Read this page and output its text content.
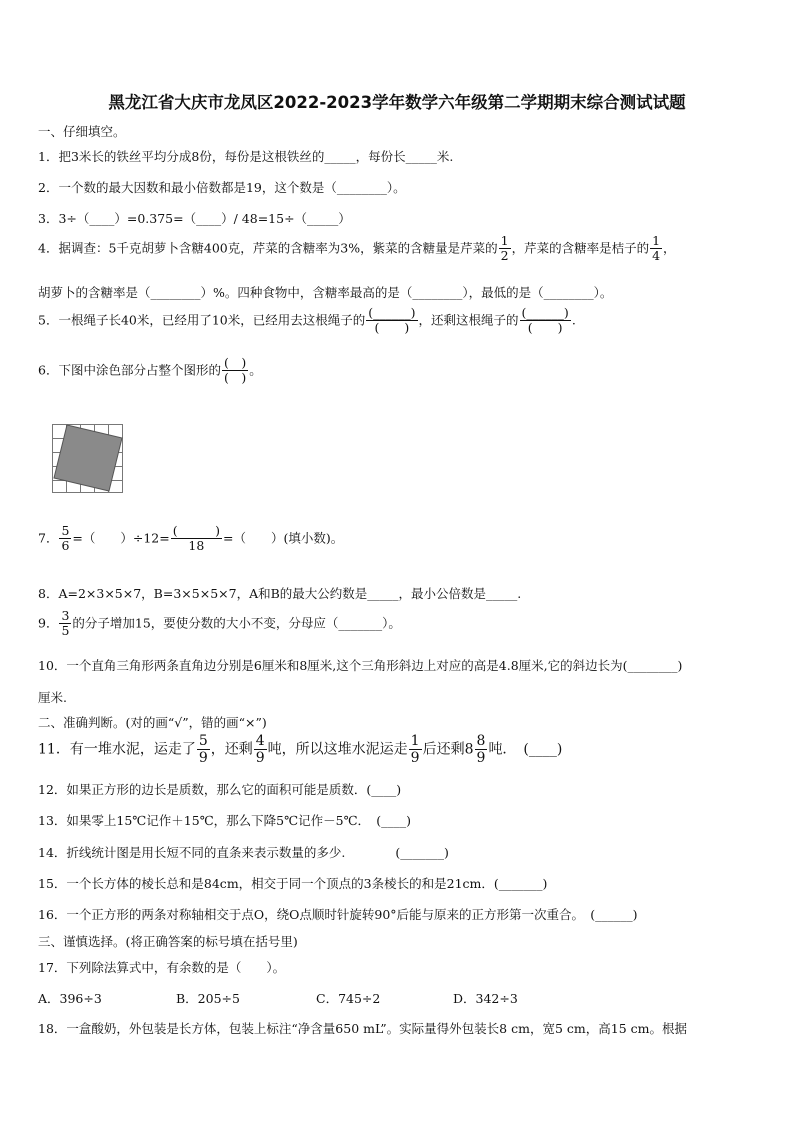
黑龙江省大庆市龙凤区2022-2023学年数学六年级第二学期期末综合测试试题
一、仔细填空。
1．把3米长的铁丝平均分成8份，每份是这根铁丝的_____，每份长_____米.
2．一个数的最大因数和最小倍数都是19，这个数是（________）。
3．3÷（____）=0.375=（____）/ 48=15÷（_____）
4．据调查：5千克胡萝卜含糖400克，芹菜的含糖率为3%，紫菜的含糖量是芹菜的 $\frac{1}{2}$ ，芹菜的含糖率是桔子的 $\frac{1}{4}$ ，
胡萝卜的含糖率是（________）%。四种食物中，含糖率最高的是（________），最低的是（________）。
5．一根绳子长40米，已经用了10米，已经用去这根绳子的 $\frac{(\_\_\_\_\_\_)}{( )}$ ，还剩这根绳子的 $\frac{(\_\_\_\_\_\_)}{( )}$ .
6．下图中涂色部分占整个图形的 $\frac{( )}{( )}$ 。
7． $\frac{5}{6}$ =（　　）$\div 12= \frac{( )}{18}$ =（　　）(填小数)。
8．A=2×3×5×7，B=3×5×5×7，A和B的最大公约数是_____，最小公倍数是_____.
9． $\frac{3}{5}$ 的分子增加15，要使分数的大小不变，分母应（_______）。
10．一个直角三角形两条直角边分别是6厘米和8厘米,这个三角形斜边上对应的高是4.8厘米,它的斜边长为(________)
厘米.
二、准确判断。(对的画“√”，错的画“×”)
11．有一堆水泥，运走了 $\frac{5}{9}$ ，还剩 $\frac{4}{9}$ 吨，所以这堆水泥运走 $\frac{1}{9}$ 后还剩$8 \frac{8}{9}$ 吨．　(____)
12．如果正方形的边长是质数，那么它的面积可能是质数．(____)
13．如果零上15℃记作＋15℃，那么下降5℃记作－5℃．　(____)
14．折线统计图是用长短不同的直条来表示数量的多少.　　　　(_______)
15．一个长方体的棱长总和是84cm，相交于同一个顶点的3条棱长的和是21cm．(_______)
16．一个正方形的两条对称轴相交于点O，绕O点顺时针旋转90°后能与原来的正方形第一次重合。　(______)
三、谨慎选择。(将正确答案的标号填在括号里)
17．下列除法算式中，有余数的是（　　）。
A．396÷3	B．205÷5	C．745÷2	D．342÷3
18．一盒酸奶，外包装是长方体，包装上标注“净含量650 mL”。实际量得外包装长8 cm，宽5 cm，高15 cm。根据
